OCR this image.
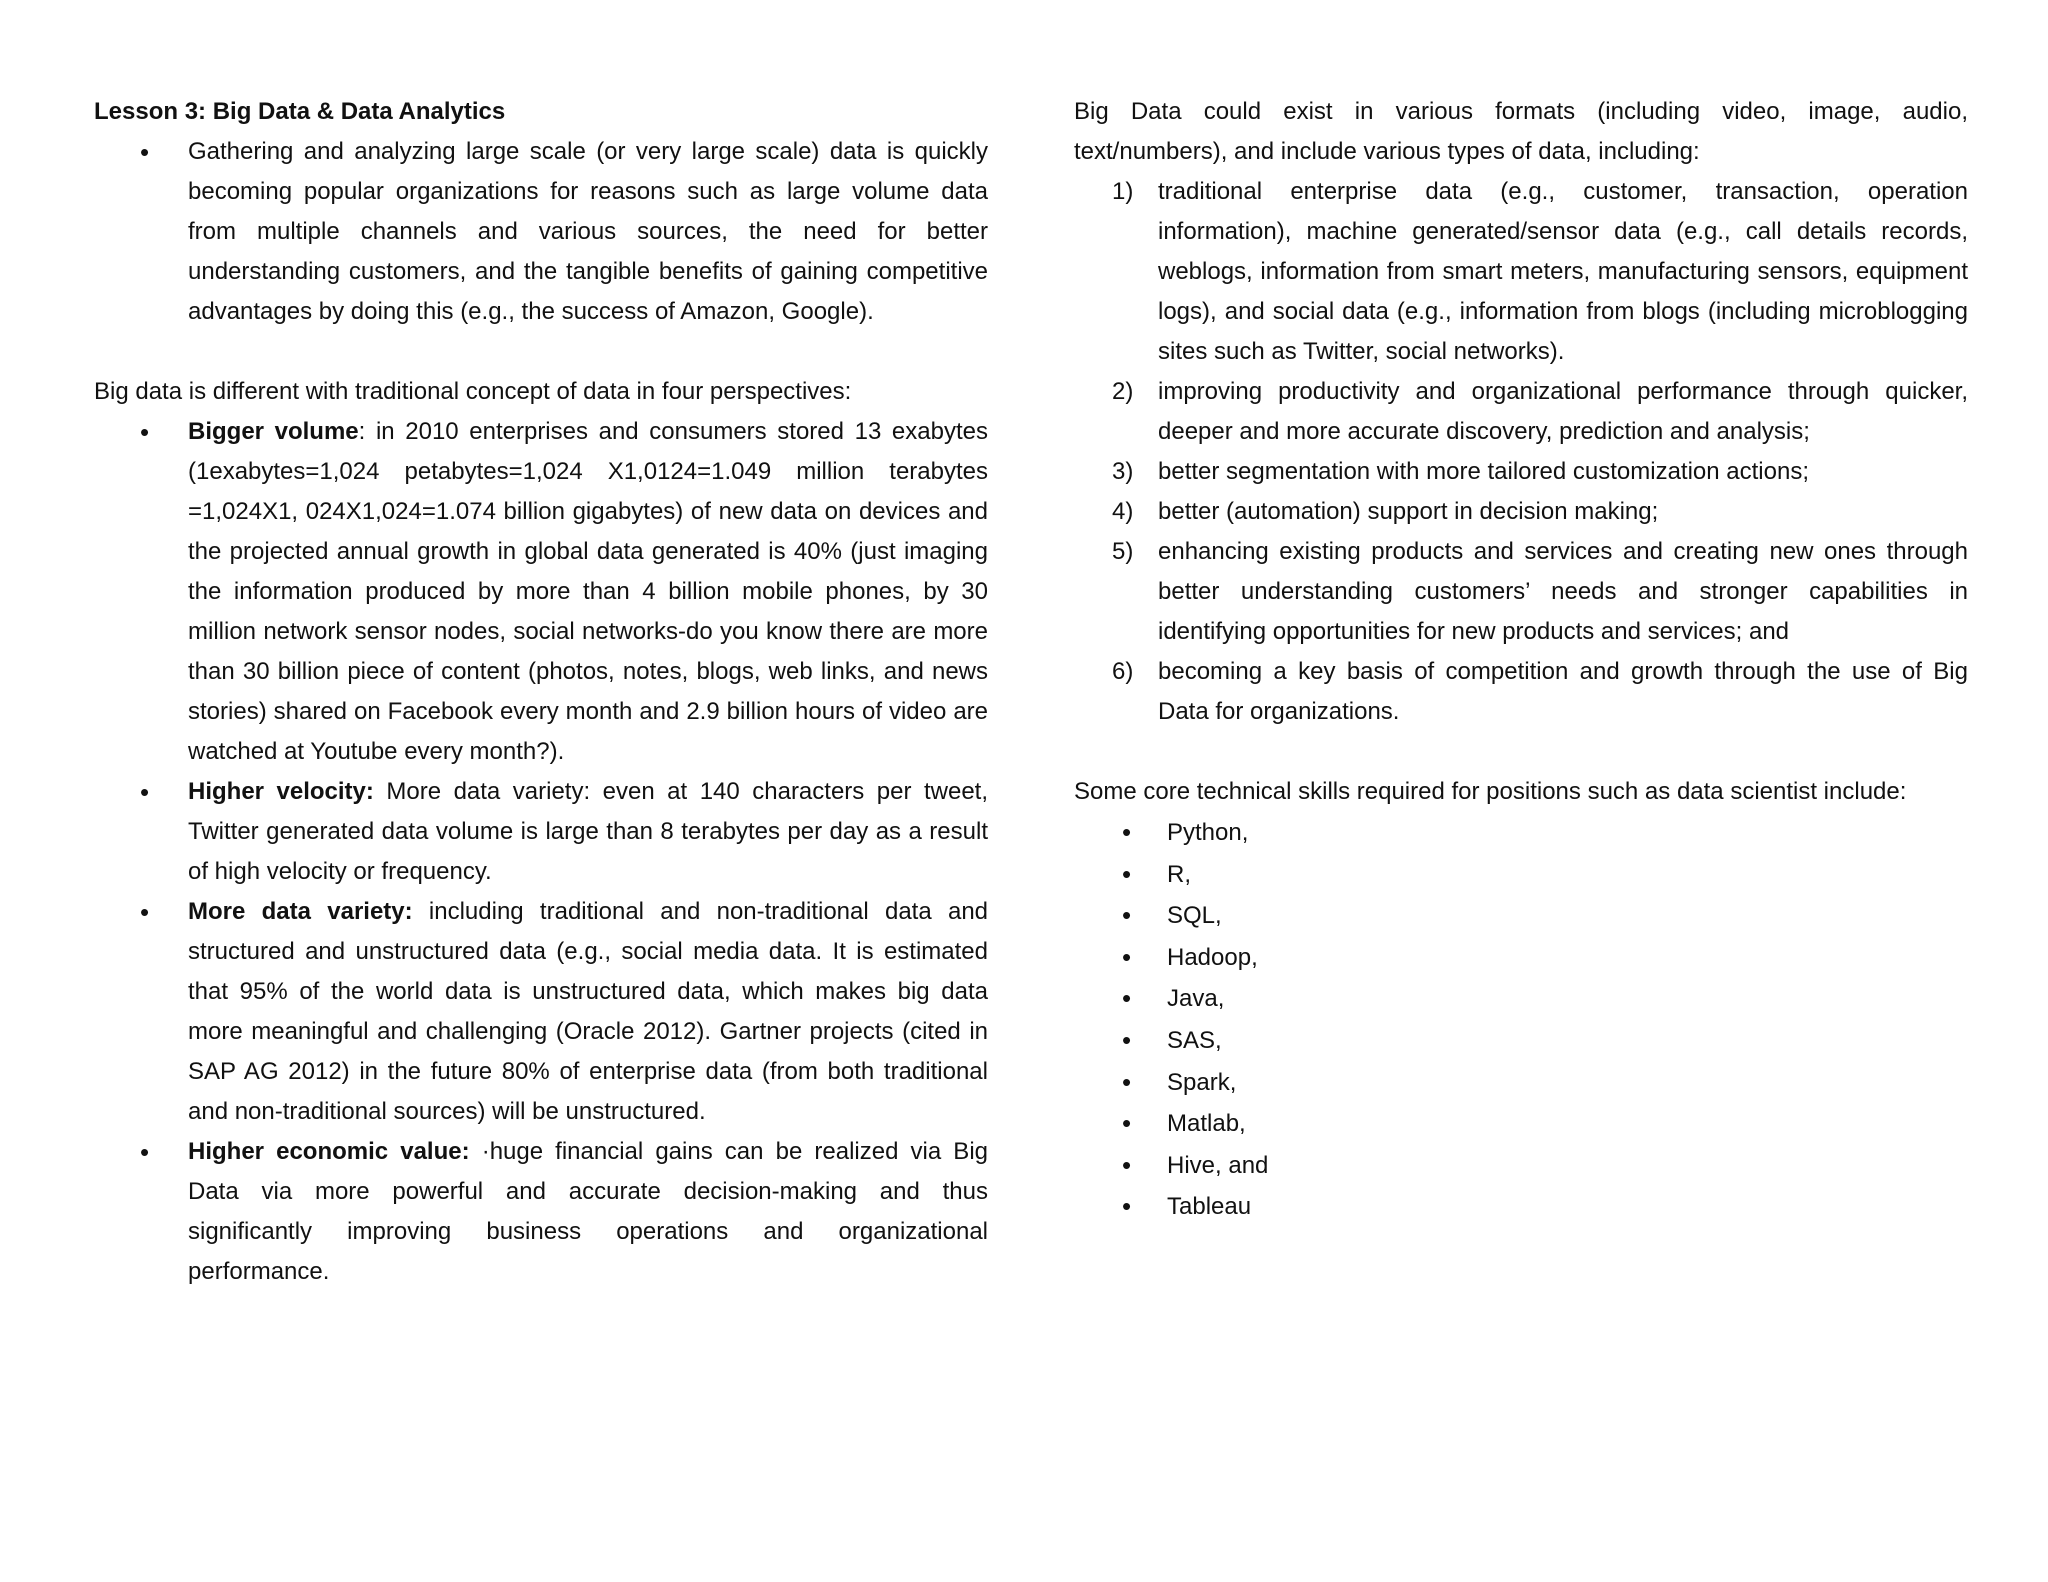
Lesson 3: Big Data & Data Analytics
• Gathering and analyzing large scale (or very large scale) data is quickly becoming popular organizations for reasons such as large volume data from multiple channels and various sources, the need for better understanding customers, and the tangible benefits of gaining competitive advantages by doing this (e.g., the success of Amazon, Google).

Big data is different with traditional concept of data in four perspectives:

• Bigger volume: in 2010 enterprises and consumers stored 13 exabytes (1exabytes=1,024 petabytes=1,024 X1,0124=1.049 million terabytes =1,024X1, 024X1,024=1.074 billion gigabytes) of new data on devices and the projected annual growth in global data generated is 40% (just imaging the information produced by more than 4 billion mobile phones, by 30 million network sensor nodes, social networks-do you know there are more than 30 billion piece of content (photos, notes, blogs, web links, and news stories) shared on Facebook every month and 2.9 billion hours of video are watched at Youtube every month?).
• Higher velocity: More data variety: even at 140 characters per tweet, Twitter generated data volume is large than 8 terabytes per day as a result of high velocity or frequency.
• More data variety: including traditional and non-traditional data and structured and unstructured data (e.g., social media data. It is estimated that 95% of the world data is unstructured data, which makes big data more meaningful and challenging (Oracle 2012). Gartner projects (cited in SAP AG 2012) in the future 80% of enterprise data (from both traditional and non-traditional sources) will be unstructured.
• Higher economic value: ·huge financial gains can be realized via Big Data via more powerful and accurate decision-making and thus significantly improving business operations and organizational performance.

Big Data could exist in various formats (including video, image, audio, text/numbers), and include various types of data, including:

1) traditional enterprise data (e.g., customer, transaction, operation information), machine generated/sensor data (e.g., call details records, weblogs, information from smart meters, manufacturing sensors, equipment logs), and social data (e.g., information from blogs (including microblogging sites such as Twitter, social networks).
2) improving productivity and organizational performance through quicker, deeper and more accurate discovery, prediction and analysis;
3) better segmentation with more tailored customization actions;
4) better (automation) support in decision making;
5) enhancing existing products and services and creating new ones through better understanding customers’ needs and stronger capabilities in identifying opportunities for new products and services; and
6) becoming a key basis of competition and growth through the use of Big Data for organizations.

Some core technical skills required for positions such as data scientist include:

• Python,
• R,
• SQL,
• Hadoop,
• Java,
• SAS,
• Spark,
• Matlab,
• Hive, and
• Tableau
